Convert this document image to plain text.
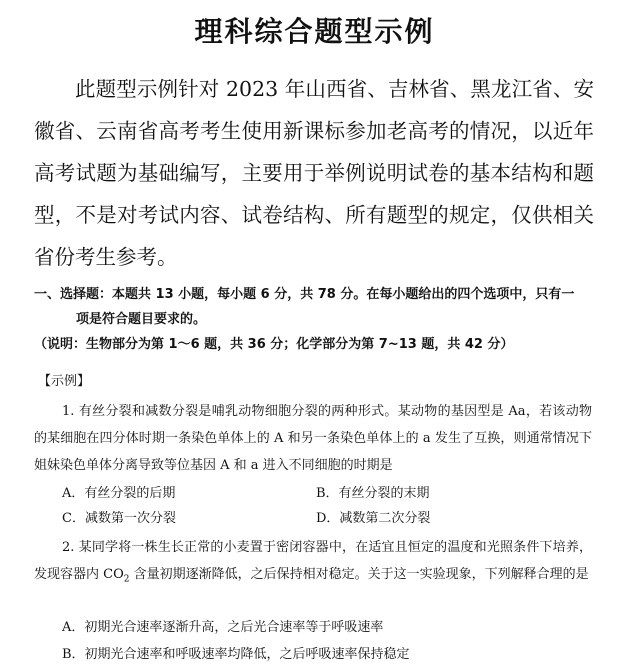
理科综合题型示例
此题型示例针对 2023 年山西省、吉林省、黑龙江省、安徽省、云南省高考考生使用新课标参加老高考的情况，以近年高考试题为基础编写，主要用于举例说明试卷的基本结构和题型，不是对考试内容、试卷结构、所有题型的规定，仅供相关省份考生参考。
一、选择题：本题共 13 小题，每小题 6 分，共 78 分。在每小题给出的四个选项中，只有一
项是符合题目要求的。
（说明：生物部分为第 1～6 题，共 36 分；化学部分为第 7~13 题，共 42 分）
【示例】
1. 有丝分裂和减数分裂是哺乳动物细胞分裂的两种形式。某动物的基因型是 Aa，若该动物的某细胞在四分体时期一条染色单体上的 A 和另一条染色单体上的 a 发生了互换，则通常情况下姐妹染色单体分离导致等位基因 A 和 a 进入不同细胞的时期是
A．有丝分裂的后期	B．有丝分裂的末期
C．减数第一次分裂	D．减数第二次分裂
2. 某同学将一株生长正常的小麦置于密闭容器中，在适宜且恒定的温度和光照条件下培养，发现容器内 $CO_2$ 含量初期逐渐降低，之后保持相对稳定。关于这一实验现象，下列解释合理的是
A．初期光合速率逐渐升高，之后光合速率等于呼吸速率
B．初期光合速率和呼吸速率均降低，之后呼吸速率保持稳定
